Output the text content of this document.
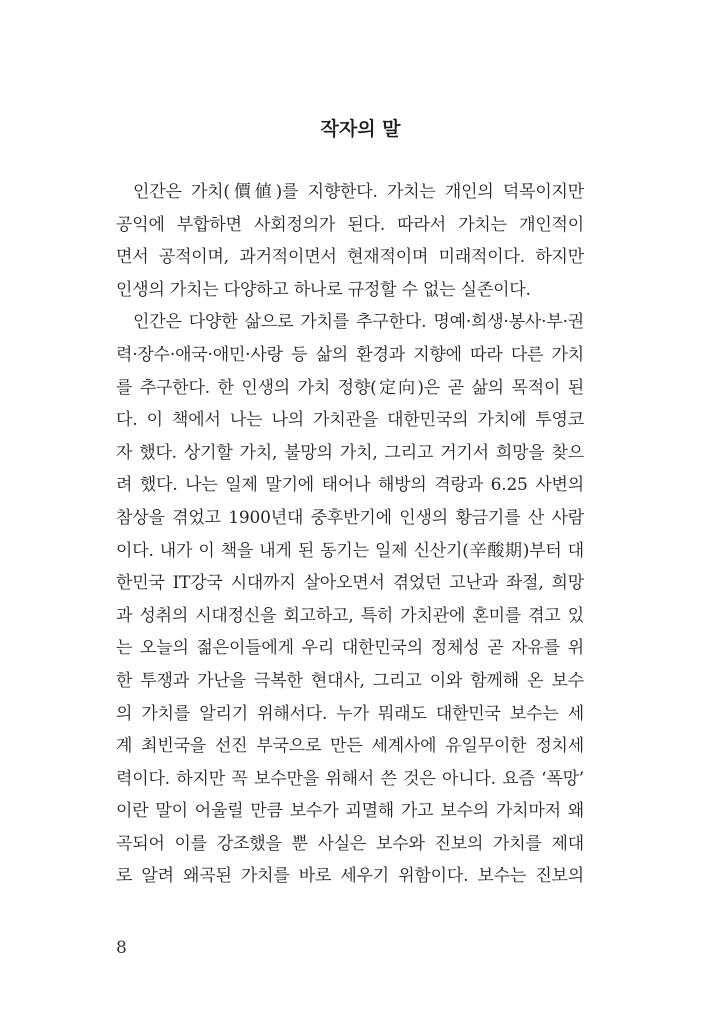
작자의 말
인간은 가치(價値)를 지향한다. 가치는 개인의 덕목이지만
공익에 부합하면 사회정의가 된다. 따라서 가치는 개인적이
면서 공적이며, 과거적이면서 현재적이며 미래적이다. 하지만
인생의 가치는 다양하고 하나로 규정할 수 없는 실존이다.
인간은 다양한 삶으로 가치를 추구한다. 명예·희생·봉사·부·권
력·장수·애국·애민·사랑 등 삶의 환경과 지향에 따라 다른 가치
를 추구한다. 한 인생의 가치 정향(定向)은 곧 삶의 목적이 된
다. 이 책에서 나는 나의 가치관을 대한민국의 가치에 투영코
자 했다. 상기할 가치, 불망의 가치, 그리고 거기서 희망을 찾으
려 했다. 나는 일제 말기에 태어나 해방의 격랑과 6.25 사변의
참상을 겪었고 1900년대 중후반기에 인생의 황금기를 산 사람
이다. 내가 이 책을 내게 된 동기는 일제 신산기(辛酸期)부터 대
한민국 IT강국 시대까지 살아오면서 겪었던 고난과 좌절, 희망
과 성취의 시대정신을 회고하고, 특히 가치관에 혼미를 겪고 있
는 오늘의 젊은이들에게 우리 대한민국의 정체성 곧 자유를 위
한 투쟁과 가난을 극복한 현대사, 그리고 이와 함께해 온 보수
의 가치를 알리기 위해서다. 누가 뭐래도 대한민국 보수는 세
계 최빈국을 선진 부국으로 만든 세계사에 유일무이한 정치세
력이다. 하지만 꼭 보수만을 위해서 쓴 것은 아니다. 요즘 ‘폭망’
이란 말이 어울릴 만큼 보수가 괴멸해 가고 보수의 가치마저 왜
곡되어 이를 강조했을 뿐 사실은 보수와 진보의 가치를 제대
로 알려 왜곡된 가치를 바로 세우기 위함이다. 보수는 진보의
8
